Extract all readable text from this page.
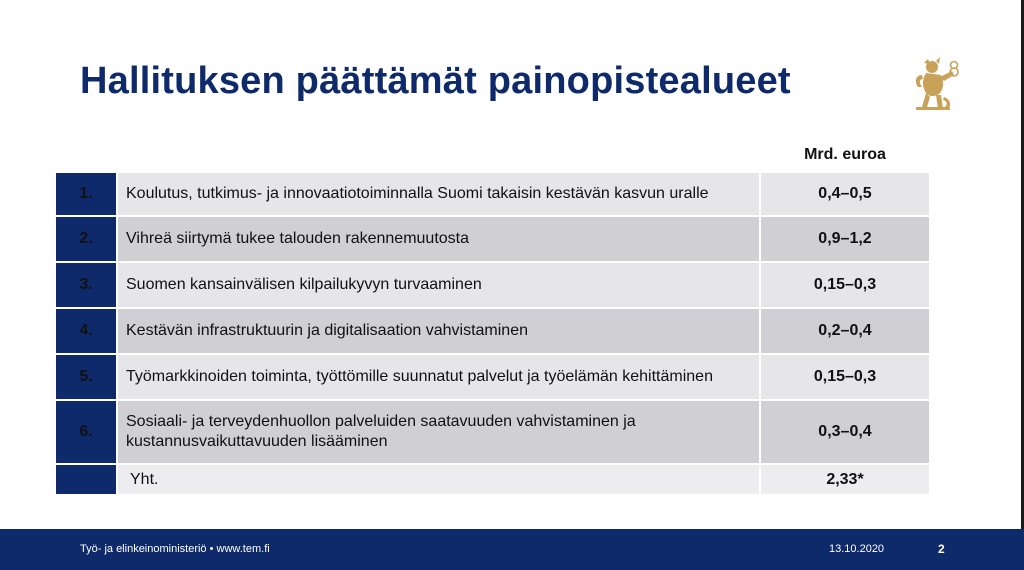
Hallituksen päättämät painopistealueet
Mrd. euroa
1.	Koulutus, tutkimus- ja innovaatiotoiminnalla Suomi takaisin kestävän kasvun uralle	0,4–0,5
2.	Vihreä siirtymä tukee talouden rakennemuutosta	0,9–1,2
3.	Suomen kansainvälisen kilpailukyvyn turvaaminen	0,15–0,3
4.	Kestävän infrastruktuurin ja digitalisaation vahvistaminen	0,2–0,4
5.	Työmarkkinoiden toiminta, työttömille suunnatut palvelut ja työelämän kehittäminen	0,15–0,3
6.	Sosiaali- ja terveydenhuollon palveluiden saatavuuden vahvistaminen ja kustannusvaikuttavuuden lisääminen	0,3–0,4
	Yht.	2,33*
Työ- ja elinkeinoministeriö • www.tem.fi	13.10.2020	2
